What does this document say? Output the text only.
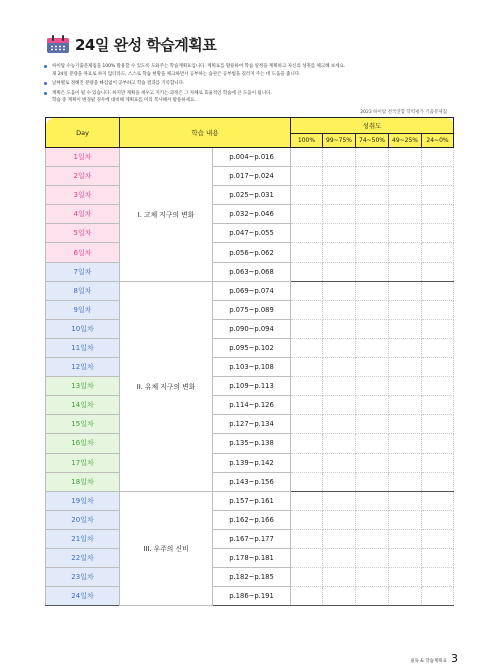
24일 완성 학습계획표
하이탑 수능기출문제집을 100% 활용할 수 있도록 도와주는 학습계획표입니다. 계획표를 활용하여 학습 일정을 계획하고 자신의 성취를 체크해 보세요.
제 24일 분량을 목표로 하지 않더라도, 스스로 학습 현황을 체크하면서 공부하는 습관은 공부법을 길러지 주는 데 도움을 줍니다.
날짜별로 정해진 분량을 빠짐없이 공부하고 학습 결과를 기록합니다.
계획은 도움이 될 수 있습니다. 하지만 계획을 세우고 지키는 과정은 그 자체로 효율적인 학습에 큰 도움이 됩니다.
학습 중 계획이 변경될 경우에 대비해 계획표를 미리 복사해서 활용하세요.
2023 하이탑 전국연합 학력평가 기출문제집
Day	학습 내용		성취도				
			100%	99~75%	74~50%	49~25%	24~0%
1일차	I. 고체 지구의 변화	p.004~p.016					
2일차		p.017~p.024					
3일차		p.025~p.031					
4일차		p.032~p.046					
5일차		p.047~p.055					
6일차		p.056~p.062					
7일차		p.063~p.068					
8일차	II. 유체 지구의 변화	p.069~p.074					
9일차		p.075~p.089					
10일차		p.090~p.094					
11일차		p.095~p.102					
12일차		p.103~p.108					
13일차		p.109~p.113					
14일차		p.114~p.126					
15일차		p.127~p.134					
16일차		p.135~p.138					
17일차		p.139~p.142					
18일차		p.143~p.156					
19일차	III. 우주의 신비	p.157~p.161					
20일차		p.162~p.166					
21일차		p.167~p.177					
22일차		p.178~p.181					
23일차		p.182~p.185					
24일차		p.186~p.191					
필독 & 학습계획표 3
